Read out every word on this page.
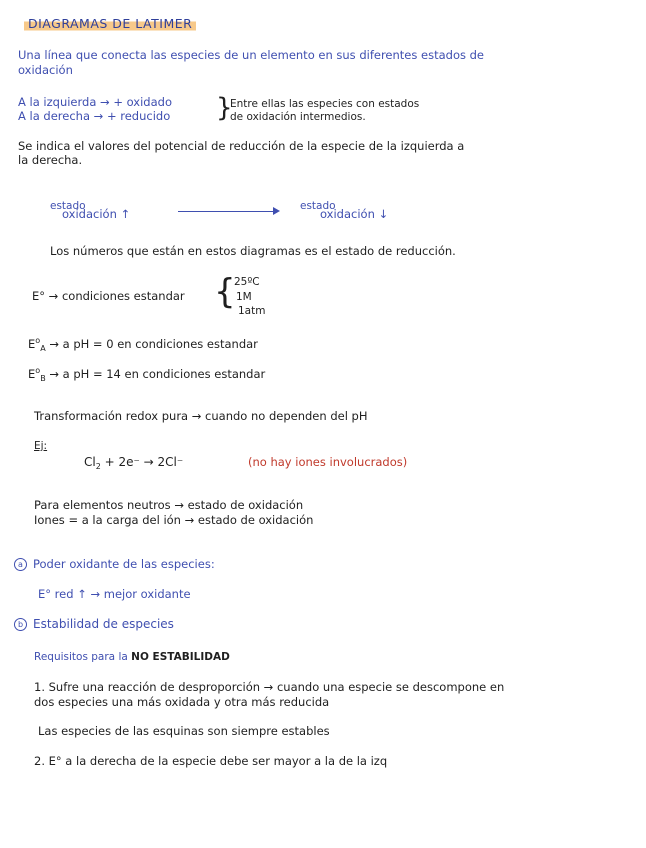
DIAGRAMAS DE LATIMER
Una línea que conecta las especies de un elemento en sus diferentes estados de
oxidación
A la izquierda → + oxidado
A la derecha → + reducido }
Entre ellas las especies con estados
de oxidación intermedios.
Se indica el valores del potencial de reducción de la especie de la izquierda a
la derecha.
estado
oxidación ↑
estado
oxidación ↓
Los números que están en estos diagramas es el estado de reducción.
E° → condiciones estandar {
25ºC
1M
1atm
$E^o_A \to a$ pH = 0 en condiciones estandar
$E^o_B \to a$ pH = 14 en condiciones estandar
Transformación redox pura → cuando no dependen del pH
Ej:
$Cl_2 + 2e^- \to 2Cl^-$	(no hay iones involucrados)
Para elementos neutros → estado de oxidación
Iones = a la carga del ión → estado de oxidación
a Poder oxidante de las especies:
E° red ↑ → mejor oxidante
b Estabilidad de especies
Requisitos para la NO ESTABILIDAD
1. Sufre una reacción de desproporción → cuando una especie se descompone en
dos especies una más oxidada y otra más reducida
Las especies de las esquinas son siempre estables
2. E° a la derecha de la especie debe ser mayor a la de la izq
